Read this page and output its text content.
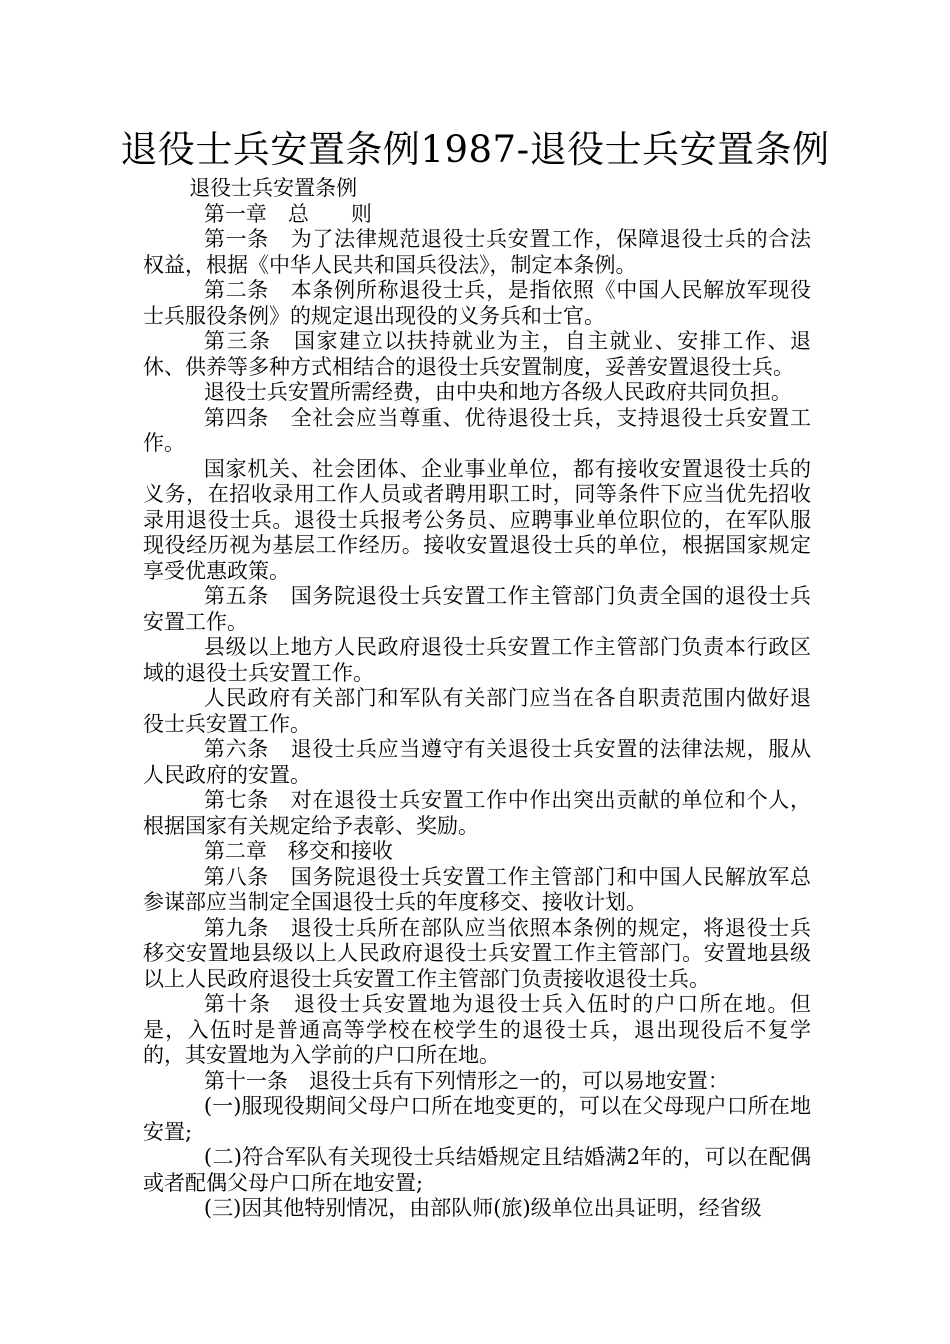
退役士兵安置条例1987-退役士兵安置条例

退役士兵安置条例

第一章　总　　则

第一条　为了法律规范退役士兵安置工作，保障退役士兵的合法权益，根据《中华人民共和国兵役法》，制定本条例。

第二条　本条例所称退役士兵，是指依照《中国人民解放军现役士兵服役条例》的规定退出现役的义务兵和士官。

第三条　国家建立以扶持就业为主，自主就业、安排工作、退休、供养等多种方式相结合的退役士兵安置制度，妥善安置退役士兵。

退役士兵安置所需经费，由中央和地方各级人民政府共同负担。

第四条　全社会应当尊重、优待退役士兵，支持退役士兵安置工作。

国家机关、社会团体、企业事业单位，都有接收安置退役士兵的义务，在招收录用工作人员或者聘用职工时，同等条件下应当优先招收录用退役士兵。退役士兵报考公务员、应聘事业单位职位的，在军队服现役经历视为基层工作经历。接收安置退役士兵的单位，根据国家规定享受优惠政策。

第五条　国务院退役士兵安置工作主管部门负责全国的退役士兵安置工作。

县级以上地方人民政府退役士兵安置工作主管部门负责本行政区域的退役士兵安置工作。

人民政府有关部门和军队有关部门应当在各自职责范围内做好退役士兵安置工作。

第六条　退役士兵应当遵守有关退役士兵安置的法律法规，服从人民政府的安置。

第七条　对在退役士兵安置工作中作出突出贡献的单位和个人，根据国家有关规定给予表彰、奖励。

第二章　移交和接收

第八条　国务院退役士兵安置工作主管部门和中国人民解放军总参谋部应当制定全国退役士兵的年度移交、接收计划。

第九条　退役士兵所在部队应当依照本条例的规定，将退役士兵移交安置地县级以上人民政府退役士兵安置工作主管部门。安置地县级以上人民政府退役士兵安置工作主管部门负责接收退役士兵。

第十条　退役士兵安置地为退役士兵入伍时的户口所在地。但是，入伍时是普通高等学校在校学生的退役士兵，退出现役后不复学的，其安置地为入学前的户口所在地。

第十一条　退役士兵有下列情形之一的，可以易地安置：

(一)服现役期间父母户口所在地变更的，可以在父母现户口所在地安置;

(二)符合军队有关现役士兵结婚规定且结婚满2年的，可以在配偶或者配偶父母户口所在地安置;

(三)因其他特别情况，由部队师(旅)级单位出具证明，经省级
